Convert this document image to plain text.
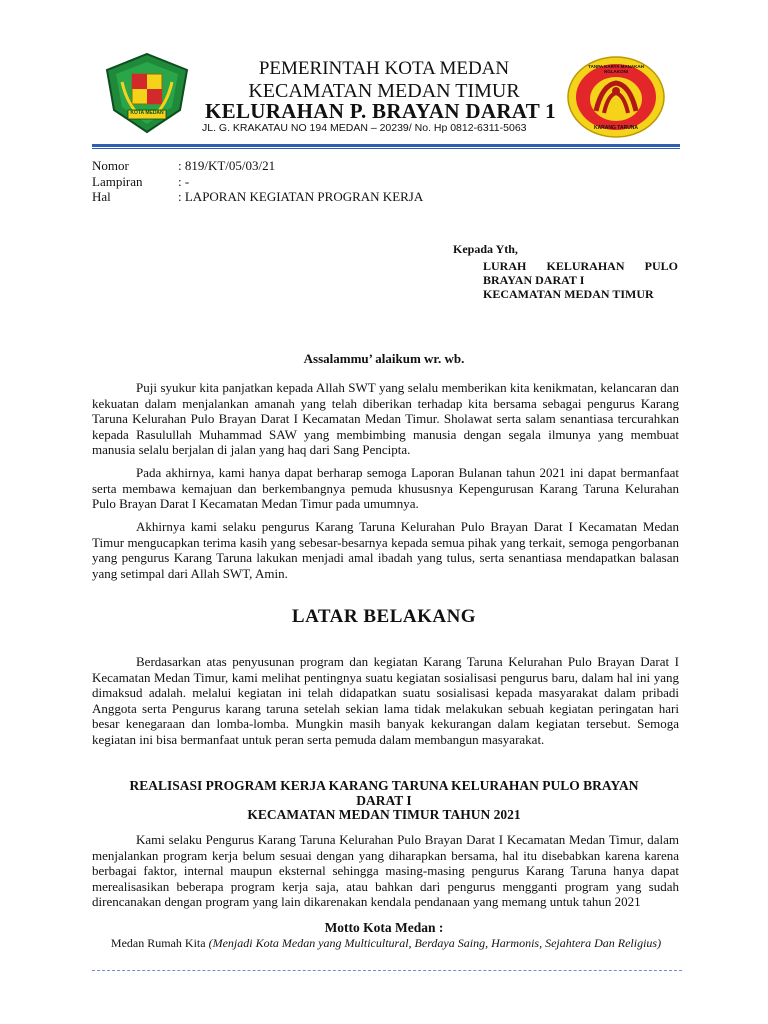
KOTA MEDAN
TANPA KARYA MANAKAH NGLAKONI
KARANG TARUNA
PEMERINTAH KOTA MEDAN
KECAMATAN MEDAN TIMUR
KELURAHAN P. BRAYAN DARAT 1
JL. G. KRAKATAU NO 194 MEDAN – 20239/ No. Hp 0812-6311-5063
Nomor	: 819/KT/05/03/21
Lampiran	: -
Hal	: LAPORAN KEGIATAN PROGRAN KERJA
Kepada Yth,
LURAH KELURAHAN PULO
BRAYAN DARAT I
KECAMATAN MEDAN TIMUR
Assalammu’ alaikum wr. wb.
Puji syukur kita panjatkan kepada Allah SWT yang selalu memberikan kita kenikmatan, kelancaran dan kekuatan dalam menjalankan amanah yang telah diberikan terhadap kita bersama sebagai pengurus Karang Taruna Kelurahan Pulo Brayan Darat I Kecamatan Medan Timur. Sholawat serta salam senantiasa tercurahkan kepada Rasulullah Muhammad SAW yang membimbing manusia dengan segala ilmunya yang membuat manusia selalu berjalan di jalan yang haq dari Sang Pencipta.
Pada akhirnya, kami hanya dapat berharap semoga Laporan Bulanan tahun 2021 ini dapat bermanfaat serta membawa kemajuan dan berkembangnya pemuda khususnya Kepengurusan Karang Taruna Kelurahan Pulo Brayan Darat I Kecamatan Medan Timur pada umumnya.
Akhirnya kami selaku pengurus Karang Taruna Kelurahan Pulo Brayan Darat I Kecamatan Medan Timur mengucapkan terima kasih yang sebesar-besarnya kepada semua pihak yang terkait, semoga pengorbanan yang pengurus Karang Taruna lakukan menjadi amal ibadah yang tulus, serta senantiasa mendapatkan balasan yang setimpal dari Allah SWT, Amin.
LATAR BELAKANG
Berdasarkan atas penyusunan program dan kegiatan Karang Taruna Kelurahan Pulo Brayan Darat I Kecamatan Medan Timur, kami melihat pentingnya suatu kegiatan sosialisasi pengurus baru, dalam hal ini yang dimaksud adalah. melalui kegiatan ini telah didapatkan suatu sosialisasi kepada masyarakat dalam pribadi Anggota serta Pengurus karang taruna setelah sekian lama tidak melakukan sebuah kegiatan peringatan hari besar kenegaraan dan lomba-lomba. Mungkin masih banyak kekurangan dalam kegiatan tersebut. Semoga kegiatan ini bisa bermanfaat untuk peran serta pemuda dalam membangun masyarakat.
REALISASI PROGRAM KERJA KARANG TARUNA KELURAHAN PULO BRAYAN
DARAT I
KECAMATAN MEDAN TIMUR TAHUN 2021
Kami selaku Pengurus Karang Taruna Kelurahan Pulo Brayan Darat I Kecamatan Medan Timur, dalam menjalankan program kerja belum sesuai dengan yang diharapkan bersama, hal itu disebabkan karena karena berbagai faktor, internal maupun eksternal sehingga masing-masing pengurus Karang Taruna hanya dapat merealisasikan beberapa program kerja saja, atau bahkan dari pengurus mengganti program yang sudah direncanakan dengan program yang lain dikarenakan kendala pendanaan yang memang untuk tahun 2021
Motto Kota Medan :
Medan Rumah Kita (Menjadi Kota Medan yang Multicultural, Berdaya Saing, Harmonis, Sejahtera Dan Religius)
